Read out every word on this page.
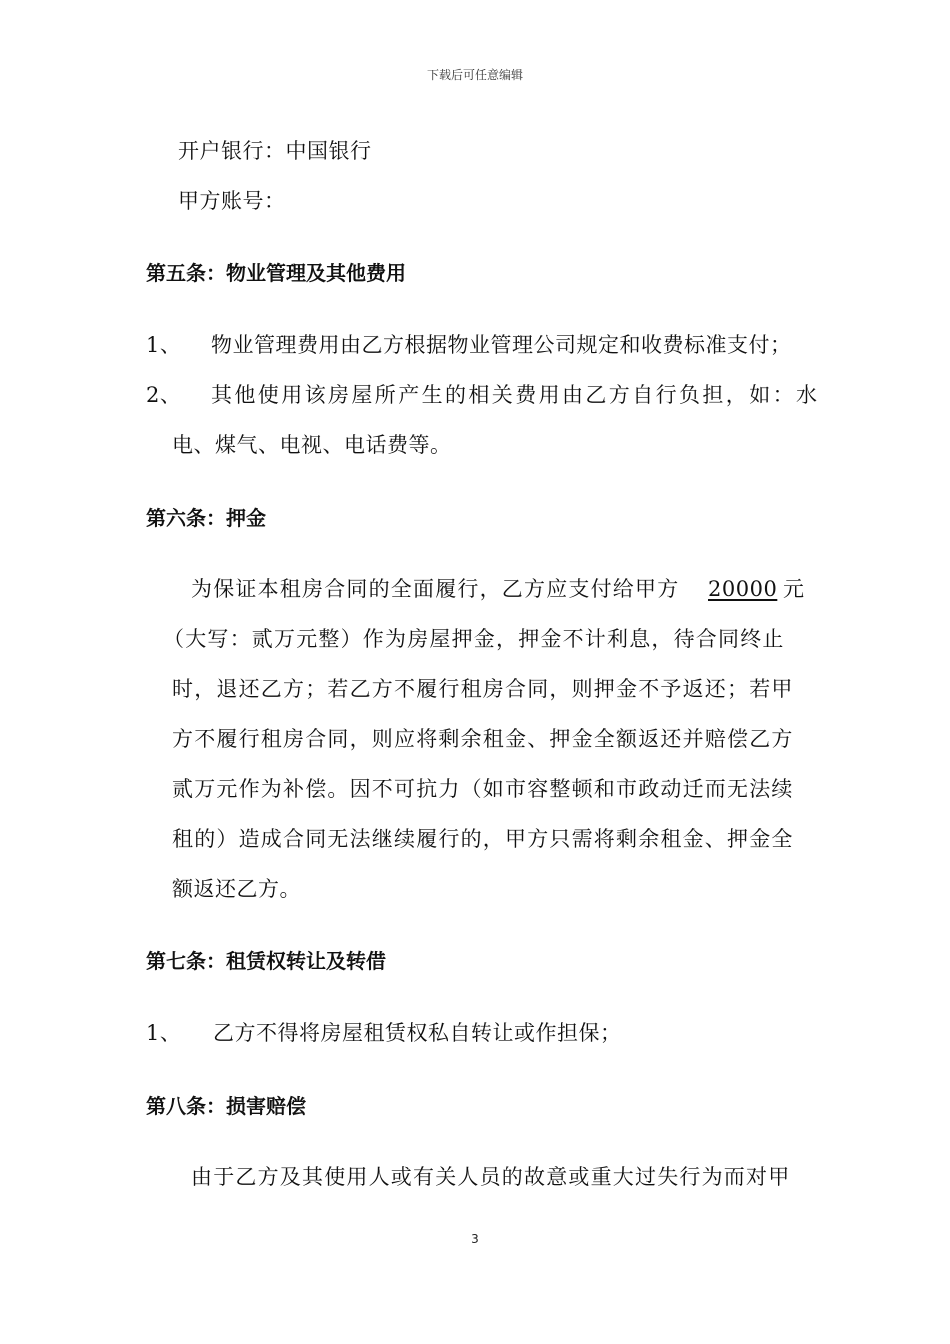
下载后可任意编辑
开户银行：中国银行
甲方账号：
第五条：物业管理及其他费用
1、 物业管理费用由乙方根据物业管理公司规定和收费标准支付；
2、 其他使用该房屋所产生的相关费用由乙方自行负担，如：水
电、煤气、电视、电话费等。
第六条：押金
为保证本租房合同的全面履行，乙方应支付给甲方 20000 元
（大写：贰万元整）作为房屋押金，押金不计利息，待合同终止
时，退还乙方；若乙方不履行租房合同，则押金不予返还；若甲
方不履行租房合同，则应将剩余租金、押金全额返还并赔偿乙方
贰万元作为补偿。因不可抗力（如市容整顿和市政动迁而无法续
租的）造成合同无法继续履行的，甲方只需将剩余租金、押金全
额返还乙方。
第七条：租赁权转让及转借
1、 乙方不得将房屋租赁权私自转让或作担保；
第八条：损害赔偿
由于乙方及其使用人或有关人员的故意或重大过失行为而对甲
3
